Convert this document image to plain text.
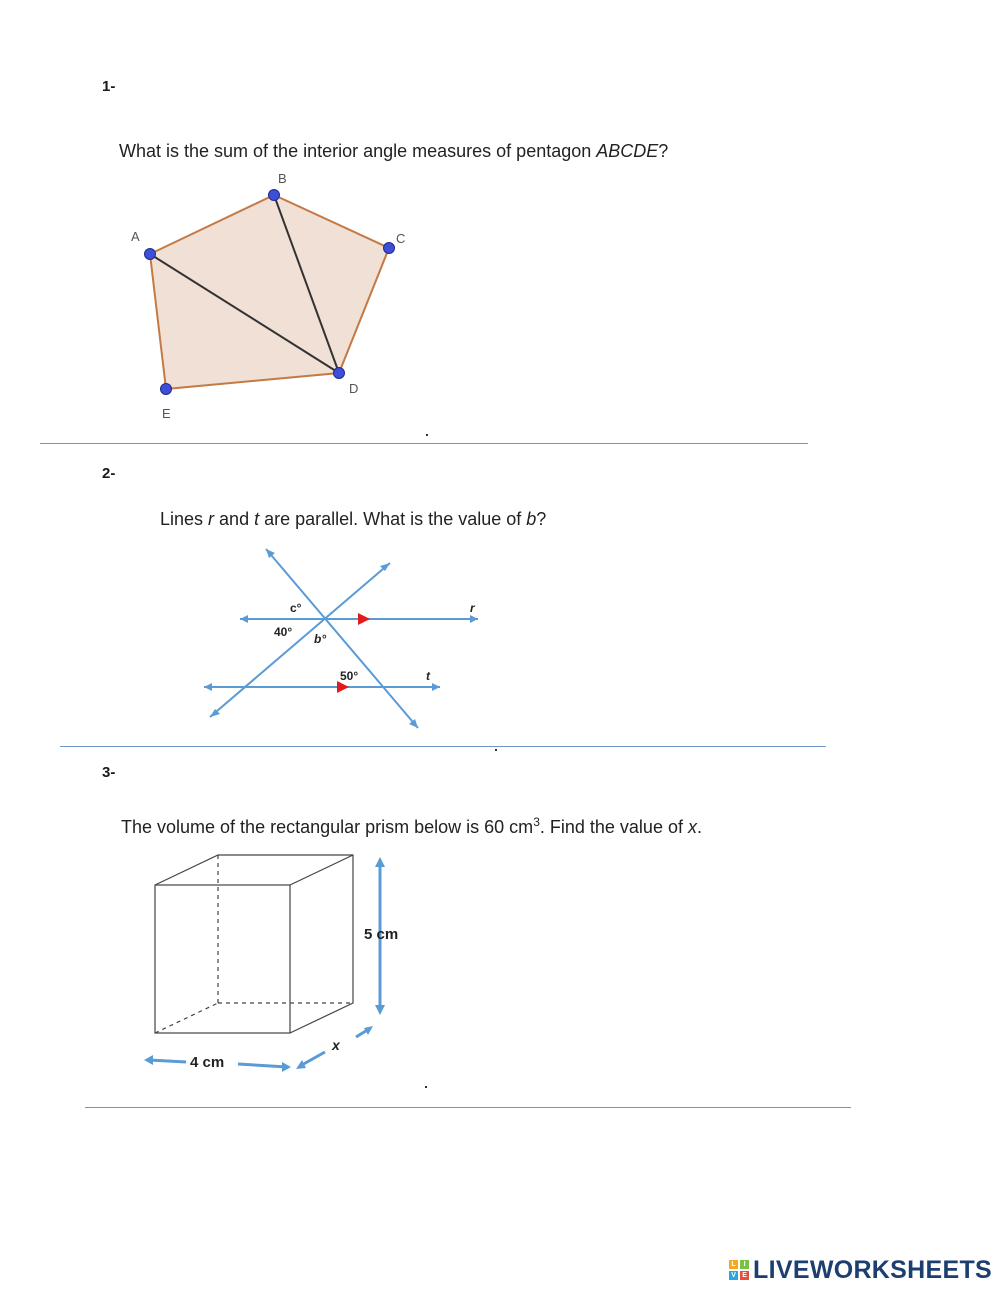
1-
What is the sum of the interior angle measures of pentagon ABCDE?
A
B
C
D
E
2-
Lines r and t are parallel. What is the value of b?
c°
40°
50°
b°
r
t
3-
The volume of the rectangular prism below is 60 $cm^3$. Find the value of x.
5 cm
4 cm
x
L	I
V E LIVEWORKSHEETS
